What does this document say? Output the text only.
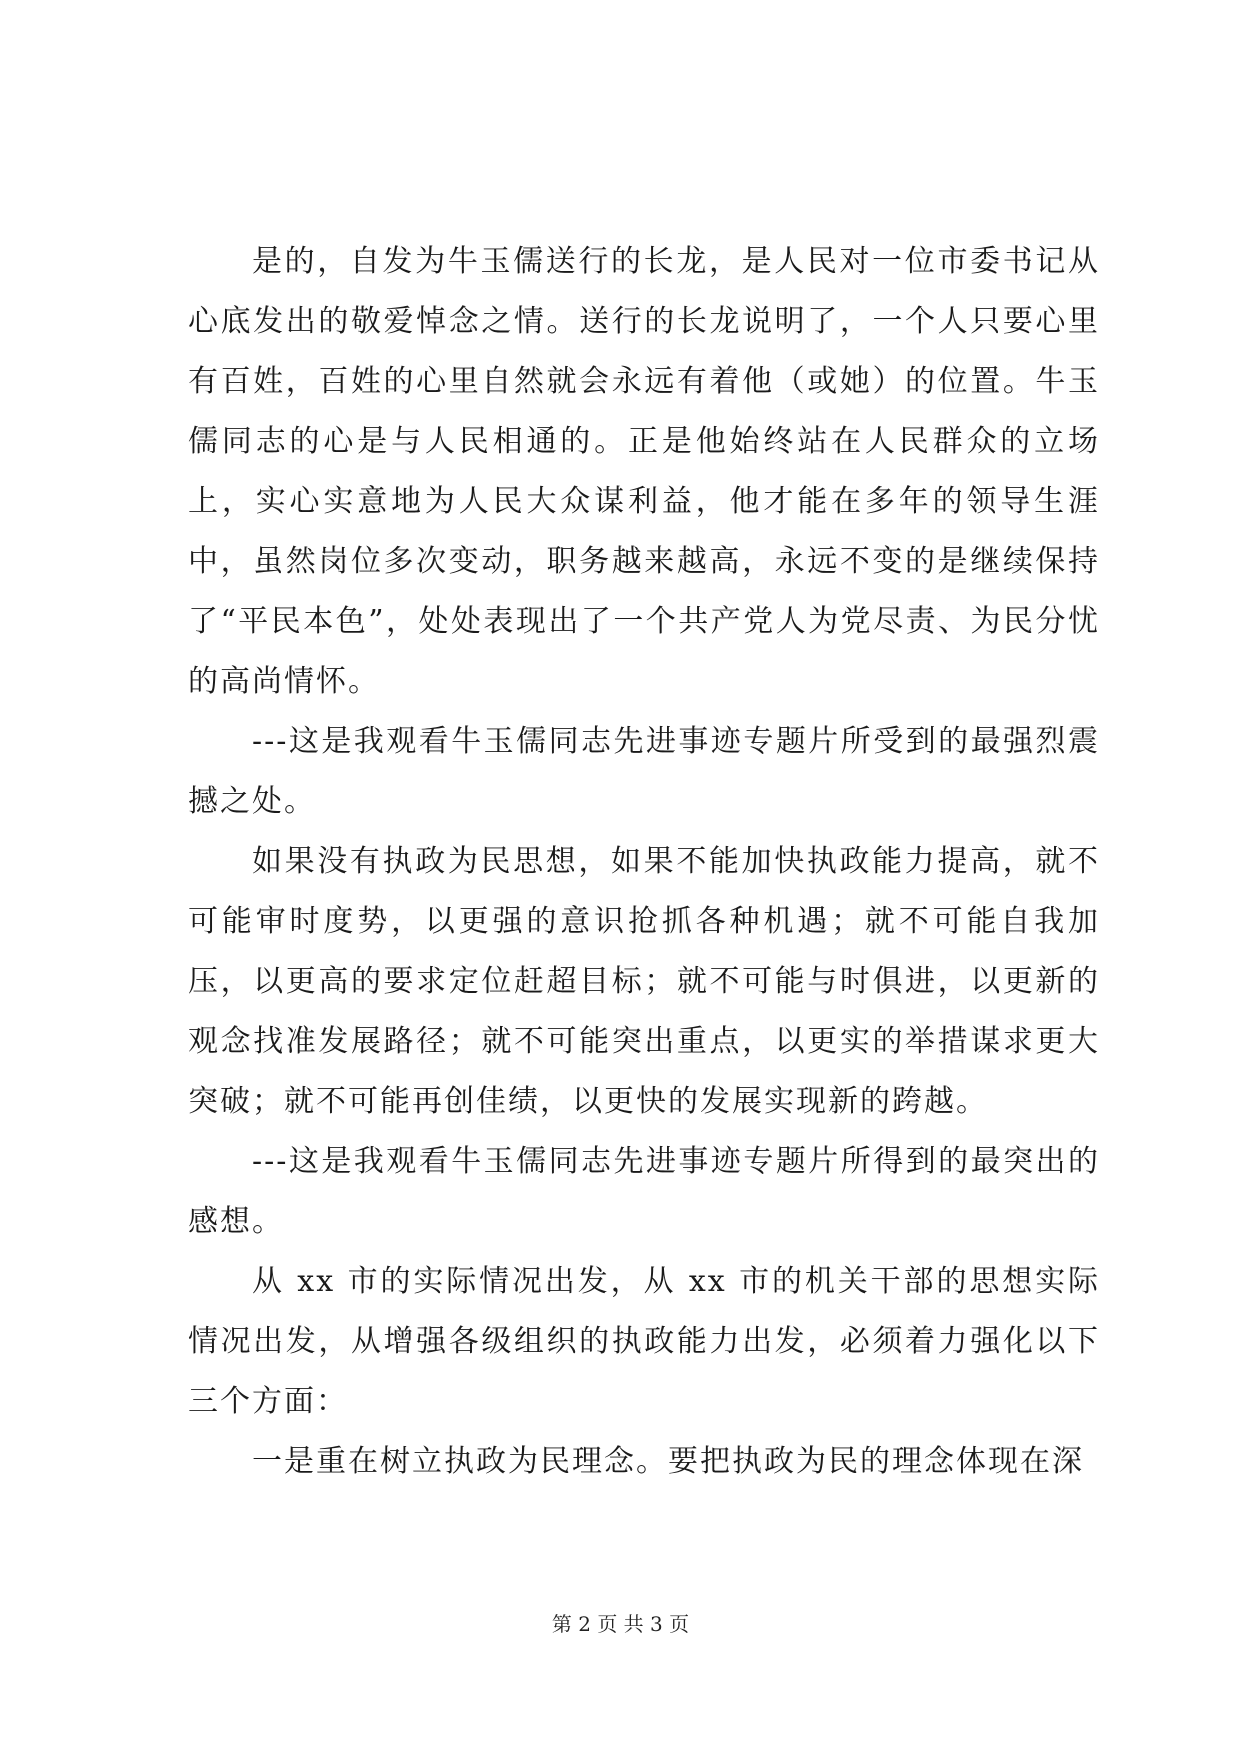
是的，自发为牛玉儒送行的长龙，是人民对一位市委书记从心底发出的敬爱悼念之情。送行的长龙说明了，一个人只要心里有百姓，百姓的心里自然就会永远有着他（或她）的位置。牛玉儒同志的心是与人民相通的。正是他始终站在人民群众的立场上，实心实意地为人民大众谋利益，他才能在多年的领导生涯中，虽然岗位多次变动，职务越来越高，永远不变的是继续保持了“平民本色”，处处表现出了一个共产党人为党尽责、为民分忧的高尚情怀。

---这是我观看牛玉儒同志先进事迹专题片所受到的最强烈震撼之处。

如果没有执政为民思想，如果不能加快执政能力提高，就不可能审时度势，以更强的意识抢抓各种机遇；就不可能自我加压，以更高的要求定位赶超目标；就不可能与时俱进，以更新的观念找准发展路径；就不可能突出重点，以更实的举措谋求更大突破；就不可能再创佳绩，以更快的发展实现新的跨越。

---这是我观看牛玉儒同志先进事迹专题片所得到的最突出的感想。

从 xx 市的实际情况出发，从 xx 市的机关干部的思想实际情况出发，从增强各级组织的执政能力出发，必须着力强化以下三个方面：

一是重在树立执政为民理念。要把执政为民的理念体现在深

第 2 页 共 3 页
